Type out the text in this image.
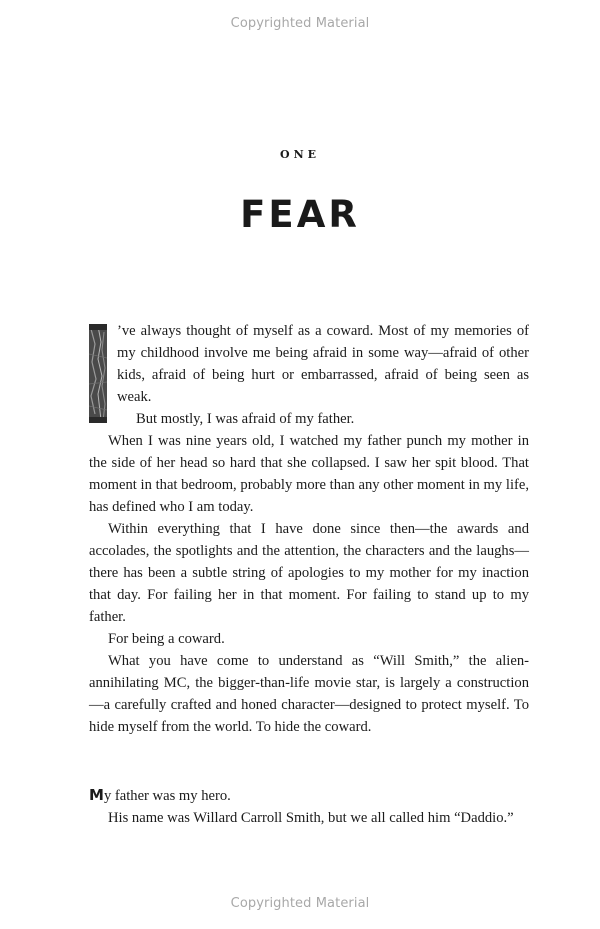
Copyrighted Material
ONE
FEAR

’ve always thought of myself as a coward. Most of my memories of my childhood involve me being afraid in some way—afraid of other kids, afraid of being hurt or embarrassed, afraid of being seen as weak.

But mostly, I was afraid of my father.

When I was nine years old, I watched my father punch my mother in the side of her head so hard that she collapsed. I saw her spit blood. That moment in that bedroom, probably more than any other moment in my life, has defined who I am today.

Within everything that I have done since then—the awards and accolades, the spotlights and the attention, the characters and the laughs—there has been a subtle string of apologies to my mother for my inaction that day. For failing her in that moment. For failing to stand up to my father.

For being a coward.

What you have come to understand as “Will Smith,” the alien-annihilating MC, the bigger-than-life movie star, is largely a construction—a carefully crafted and honed character—designed to protect myself. To hide myself from the world. To hide the coward.

My father was my hero.

His name was Willard Carroll Smith, but we all called him “Daddio.”

Copyrighted Material
